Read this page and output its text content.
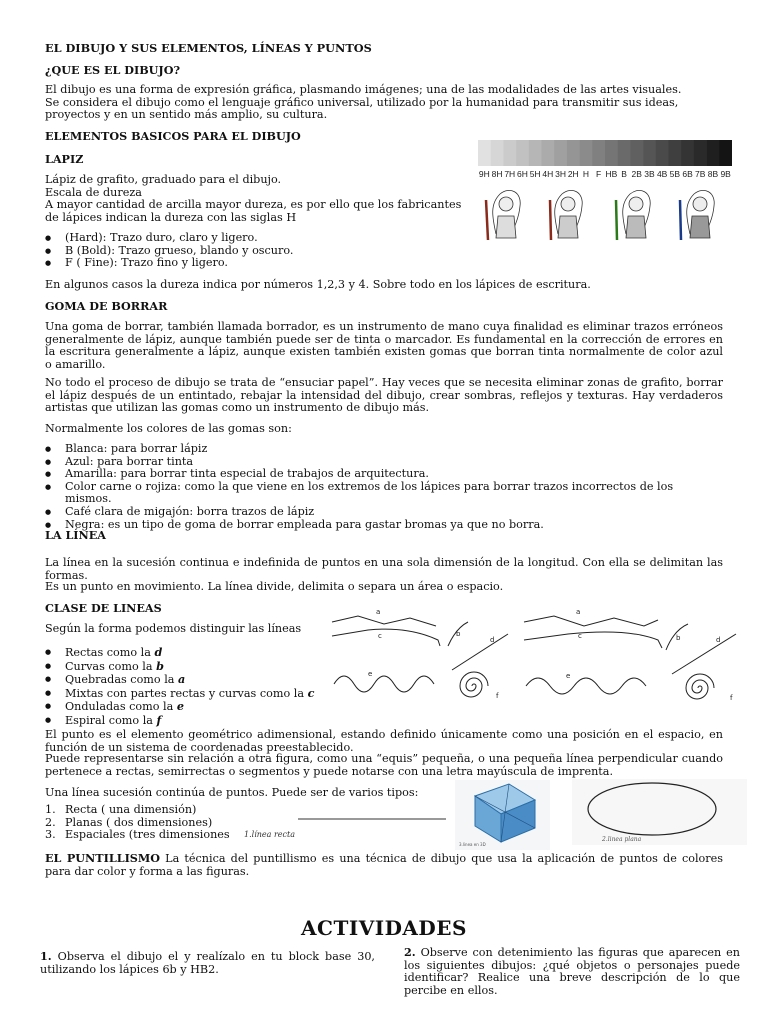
EL DIBUJO Y SUS ELEMENTOS, LÍNEAS Y PUNTOS
¿QUE ES EL DIBUJO?
El dibujo es una forma de expresión gráfica, plasmando imágenes; una de las modalidades de las artes visuales.
Se considera el dibujo como el lenguaje gráfico universal, utilizado por la humanidad para transmitir sus ideas, proyectos y en un sentido más amplio, su cultura.
ELEMENTOS BASICOS PARA EL DIBUJO
LAPIZ
Lápiz de grafito, graduado para el dibujo.
Escala de dureza
A mayor cantidad de arcilla mayor dureza, es por ello que los fabricantes de lápices indican la dureza con las siglas H
● (Hard): Trazo duro, claro y ligero.
● B (Bold): Trazo grueso, blando y oscuro.
● F ( Fine): Trazo fino y ligero.
En algunos casos la dureza indica por números 1,2,3 y 4. Sobre todo en los lápices de escritura.
9H 8H 7H 6H 5H 4H 3H 2H H F HB B 2B 3B 4B 5B 6B 7B 8B 9B
GOMA DE BORRAR
Una goma de borrar, también llamada borrador, es un instrumento de mano cuya finalidad es eliminar trazos erróneos generalmente de lápiz, aunque también puede ser de tinta o marcador. Es fundamental en la corrección de errores en la escritura generalmente a lápiz, aunque existen también existen gomas que borran tinta normalmente de color azul o amarillo.
No todo el proceso de dibujo se trata de “ensuciar papel”. Hay veces que se necesita eliminar zonas de grafito, borrar el lápiz después de un entintado, rebajar la intensidad del dibujo, crear sombras, reflejos y texturas. Hay verdaderos artistas que utilizan las gomas como un instrumento de dibujo más.
Normalmente los colores de las gomas son:
● Blanca: para borrar lápiz
● Azul: para borrar tinta
● Amarilla: para borrar tinta especial de trabajos de arquitectura.
● Color carne o rojiza: como la que viene en los extremos de los lápices para borrar trazos incorrectos de los mismos.
● Café clara de migajón: borra trazos de lápiz
● Negra: es un tipo de goma de borrar empleada para gastar bromas ya que no borra.
LA LÍNEA
La línea en la sucesión continua e indefinida de puntos en una sola dimensión de la longitud. Con ella se delimitan las formas.
Es un punto en movimiento. La línea divide, delimita o separa un área o espacio.
CLASE DE LINEAS
Según la forma podemos distinguir las líneas
● Rectas como la d
● Curvas como la b
● Quebradas como la a
● Mixtas con partes rectas y curvas como la c
● Onduladas como la e
● Espiral como la f
a
b
c	d
e
f
a
b
c	d
e
f
El punto es el elemento geométrico adimensional, estando definido únicamente como una posición en el espacio, en función de un sistema de coordenadas preestablecido.
Puede representarse sin relación a otra figura, como una “equis” pequeña, o una pequeña línea perpendicular cuando pertenece a rectas, semirrectas o segmentos y puede notarse con una letra mayúscula de imprenta.
Una línea sucesión continúa de puntos. Puede ser de varios tipos:
1. Recta ( una dimensión)
2. Planas ( dos dimensiones)
3. Espaciales (tres dimensiones	1.línea recta
3.linea en 3D
2.linea plana
EL PUNTILLISMO La técnica del puntillismo es una técnica de dibujo que usa la aplicación de puntos de colores para dar color y forma a las figuras.
ACTIVIDADES
1. Observa el dibujo el y realízalo en tu block base 30, utilizando los lápices 6b y HB2.
2. Observe con detenimiento las figuras que aparecen en los siguientes dibujos: ¿qué objetos o personajes puede identificar? Realice una breve descripción de lo que percibe en ellos.
